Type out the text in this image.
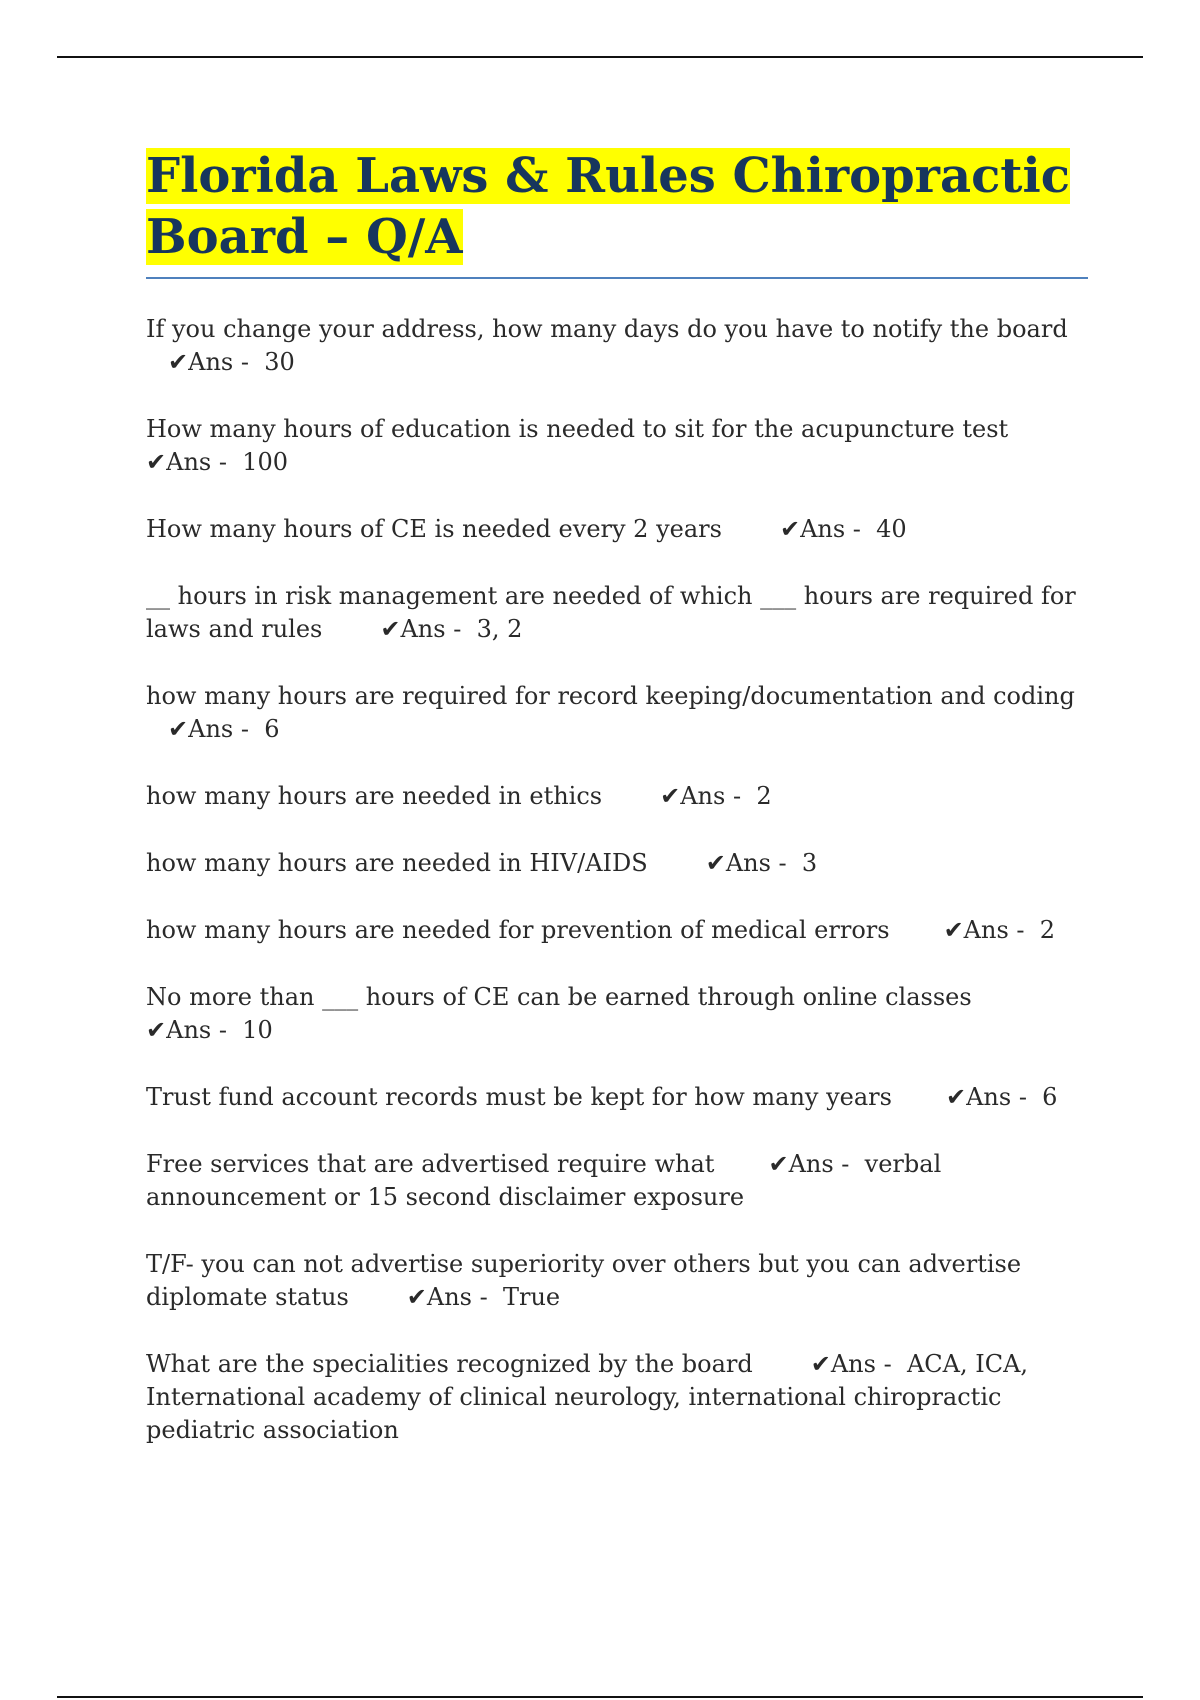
Florida Laws & Rules Chiropractic Board – Q/A
If you change your address, how many days do you have to notify the board✔Ans -  30
How many hours of education is needed to sit for the acupuncture test✔Ans -  100
How many hours of CE is needed every 2 years ✔Ans -  40
__ hours in risk management are needed of which ___ hours are required for laws and rules ✔Ans -  3, 2
how many hours are required for record keeping/documentation and coding✔Ans -  6
how many hours are needed in ethics ✔Ans -  2
how many hours are needed in HIV/AIDS ✔Ans -  3
how many hours are needed for prevention of medical errors ✔Ans -  2
No more than ___ hours of CE can be earned through online classes✔Ans -  10
Trust fund account records must be kept for how many years ✔Ans -  6
Free services that are advertised require what ✔Ans -  verbal announcement or 15 second disclaimer exposure
T/F- you can not advertise superiority over others but you can advertise diplomate status ✔Ans -  True
What are the specialities recognized by the board ✔Ans -  ACA, ICA, International academy of clinical neurology, international chiropractic pediatric association
